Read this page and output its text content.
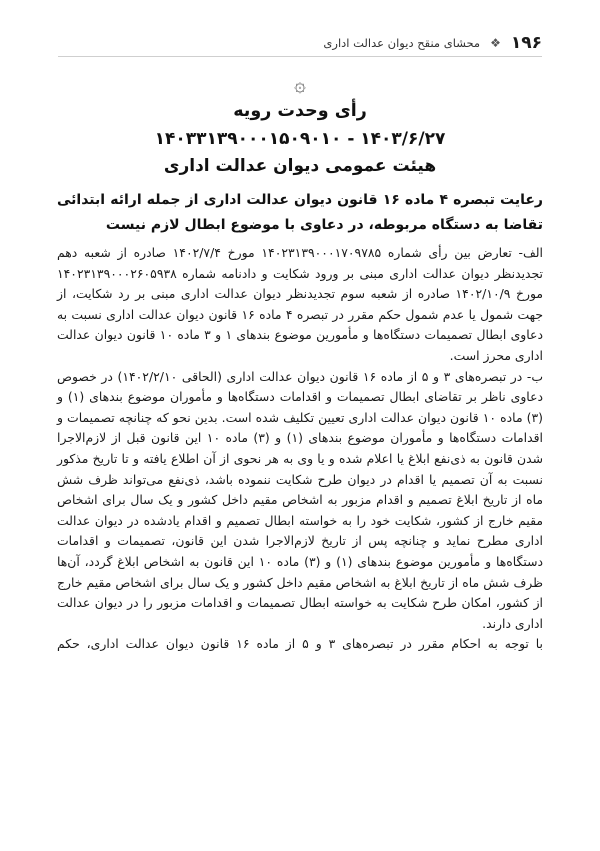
۱۹۶
❖
محشای منقح دیوان عدالت اداری
۞
رأی وحدت رویه
۱۴۰۳۳۱۳۹۰۰۰۱۵۰۹۰۱۰ - ۱۴۰۳/۶/۲۷
هیئت عمومی دیوان عدالت اداری
رعایت تبصره ۴ ماده ۱۶ قانون دیوان عدالت اداری از جمله ارائه ابتدائی تقاضا به دستگاه مربوطه، در دعاوی با موضوع ابطال لازم نیست

الف- تعارض بین رأی شماره ۱۴۰۲۳۱۳۹۰۰۰۱۷۰۹۷۸۵ مورخ ۱۴۰۲/۷/۴ صادره از شعبه دهم تجدیدنظر دیوان عدالت اداری مبنی بر ورود شکایت و دادنامه شماره ۱۴۰۲۳۱۳۹۰۰۰۲۶۰۵۹۳۸ مورخ ۱۴۰۲/۱۰/۹ صادره از شعبه سوم تجدیدنظر دیوان عدالت اداری مبنی بر رد شکایت، از جهت شمول یا عدم شمول حکم مقرر در تبصره ۴ ماده ۱۶ قانون دیوان عدالت اداری نسبت به دعاوی ابطال تصمیمات دستگاه‌ها و مأمورین موضوع بندهای ۱ و ۳ ماده ۱۰ قانون دیوان عدالت اداری محرز است.

ب- در تبصره‌های ۳ و ۵ از ماده ۱۶ قانون دیوان عدالت اداری (الحاقی ۱۴۰۲/۲/۱۰) در خصوص دعاوی ناظر بر تقاضای ابطال تصمیمات و اقدامات دستگاه‌ها و مأموران موضوع بندهای (۱) و (۳) ماده ۱۰ قانون دیوان عدالت اداری تعیین تکلیف شده است. بدین نحو که چنانچه تصمیمات و اقدامات دستگاه‌ها و مأموران موضوع بندهای (۱) و (۳) ماده ۱۰ این قانون قبل از لازم‌الاجرا شدن قانون به ذی‌نفع ابلاغ یا اعلام شده و یا وی به هر نحوی از آن اطلاع یافته و تا تاریخ مذکور نسبت به آن تصمیم یا اقدام در دیوان طرح شکایت ننموده باشد، ذی‌نفع می‌تواند ظرف شش ماه از تاریخ ابلاغ تصمیم و اقدام مزبور به اشخاص مقیم داخل کشور و یک سال برای اشخاص مقیم خارج از کشور، شکایت خود را به خواسته ابطال تصمیم و اقدام یادشده در دیوان عدالت اداری مطرح نماید و چنانچه پس از تاریخ لازم‌الاجرا شدن این قانون، تصمیمات و اقدامات دستگاه‌ها و مأمورین موضوع بندهای (۱) و (۳) ماده ۱۰ این قانون به اشخاص ابلاغ گردد، آن‌ها ظرف شش ماه از تاریخ ابلاغ به اشخاص مقیم داخل کشور و یک سال برای اشخاص مقیم خارج از کشور، امکان طرح شکایت به خواسته ابطال تصمیمات و اقدامات مزبور را در دیوان عدالت اداری دارند.

با توجه به احکام مقرر در تبصره‌های ۳ و ۵ از ماده ۱۶ قانون دیوان عدالت اداری، حکم
